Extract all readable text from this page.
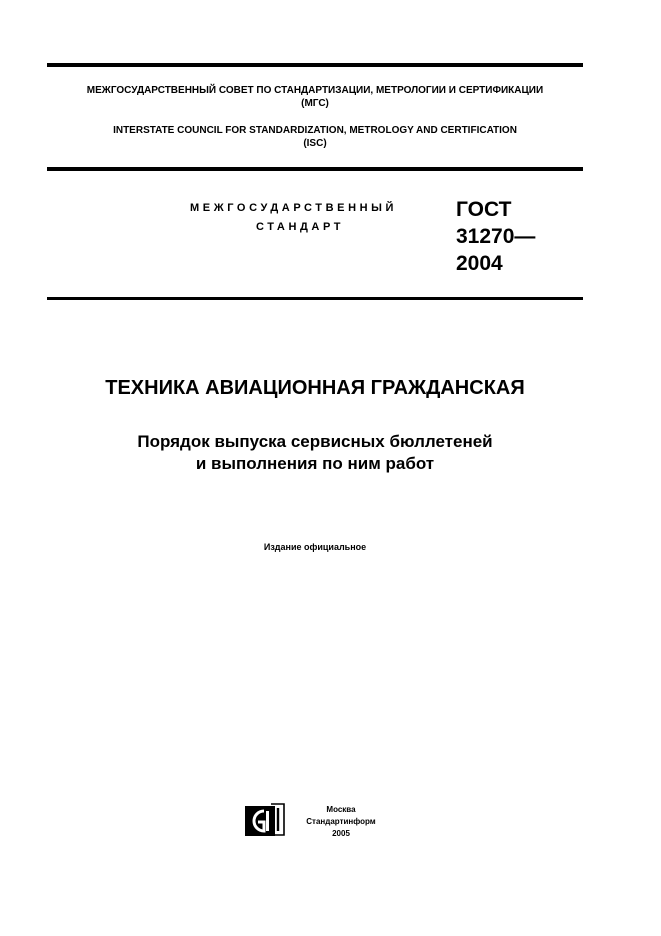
МЕЖГОСУДАРСТВЕННЫЙ СОВЕТ ПО СТАНДАРТИЗАЦИИ, МЕТРОЛОГИИ И СЕРТИФИКАЦИИ
(МГС)
INTERSTATE COUNCIL FOR STANDARDIZATION, METROLOGY AND CERTIFICATION
(ISC)
МЕЖГОСУДАРСТВЕННЫЙ
СТАНДАРТ
ГОСТ
31270—
2004
ТЕХНИКА АВИАЦИОННАЯ ГРАЖДАНСКАЯ
Порядок выпуска сервисных бюллетеней
и выполнения по ним работ
Издание официальное
Москва
Стандартинформ
2005
